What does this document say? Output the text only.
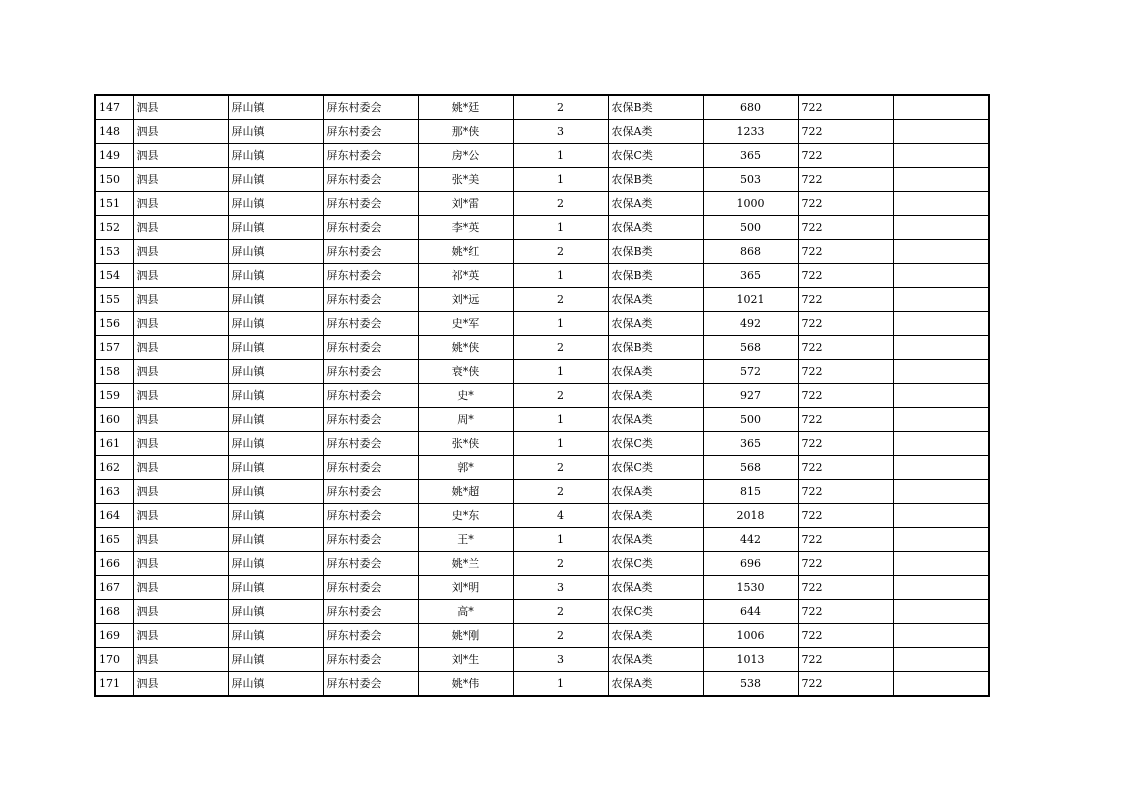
147	泗县	屏山镇	屏东村委会	姚*廷	2	农保B类	680	722	
148	泗县	屏山镇	屏东村委会	那*侠	3	农保A类	1233	722	
149	泗县	屏山镇	屏东村委会	房*公	1	农保C类	365	722	
150	泗县	屏山镇	屏东村委会	张*美	1	农保B类	503	722	
151	泗县	屏山镇	屏东村委会	刘*雷	2	农保A类	1000	722	
152	泗县	屏山镇	屏东村委会	李*英	1	农保A类	500	722	
153	泗县	屏山镇	屏东村委会	姚*红	2	农保B类	868	722	
154	泗县	屏山镇	屏东村委会	祁*英	1	农保B类	365	722	
155	泗县	屏山镇	屏东村委会	刘*远	2	农保A类	1021	722	
156	泗县	屏山镇	屏东村委会	史*军	1	农保A类	492	722	
157	泗县	屏山镇	屏东村委会	姚*侠	2	农保B类	568	722	
158	泗县	屏山镇	屏东村委会	衰*侠	1	农保A类	572	722	
159	泗县	屏山镇	屏东村委会	史*	2	农保A类	927	722	
160	泗县	屏山镇	屏东村委会	周*	1	农保A类	500	722	
161	泗县	屏山镇	屏东村委会	张*侠	1	农保C类	365	722	
162	泗县	屏山镇	屏东村委会	郭*	2	农保C类	568	722	
163	泗县	屏山镇	屏东村委会	姚*超	2	农保A类	815	722	
164	泗县	屏山镇	屏东村委会	史*东	4	农保A类	2018	722	
165	泗县	屏山镇	屏东村委会	王*	1	农保A类	442	722	
166	泗县	屏山镇	屏东村委会	姚*兰	2	农保C类	696	722	
167	泗县	屏山镇	屏东村委会	刘*明	3	农保A类	1530	722	
168	泗县	屏山镇	屏东村委会	高*	2	农保C类	644	722	
169	泗县	屏山镇	屏东村委会	姚*刚	2	农保A类	1006	722	
170	泗县	屏山镇	屏东村委会	刘*生	3	农保A类	1013	722	
171	泗县	屏山镇	屏东村委会	姚*伟	1	农保A类	538	722	
